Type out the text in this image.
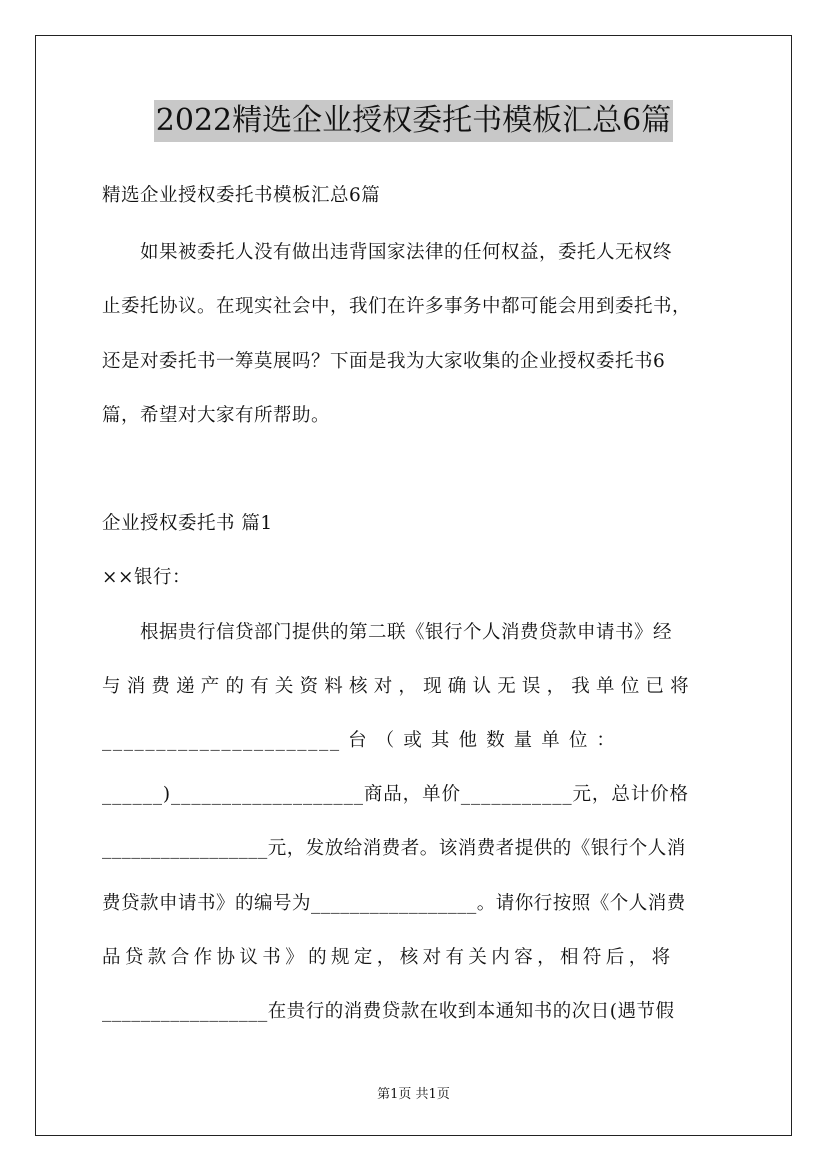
2022精选企业授权委托书模板汇总6篇
精选企业授权委托书模板汇总6篇
　　如果被委托人没有做出违背国家法律的任何权益，委托人无权终
止委托协议。在现实社会中，我们在许多事务中都可能会用到委托书，
还是对委托书一筹莫展吗？下面是我为大家收集的企业授权委托书6
篇，希望对大家有所帮助。
企业授权委托书 篇1
××银行：
　　根据贵行信贷部门提供的第二联《银行个人消费贷款申请书》经
与消费递产的有关资料核对，现确认无误，我单位已将
______________________ 台 （ 或 其 他 数 量 单 位 ：
______)___________________商品，单价___________元，总计价格
_________________元，发放给消费者。该消费者提供的《银行个人消
费贷款申请书》的编号为_________________。请你行按照《个人消费
品贷款合作协议书》的规定，核对有关内容，相符后，将
_________________在贵行的消费贷款在收到本通知书的次日(遇节假
第1页 共1页
